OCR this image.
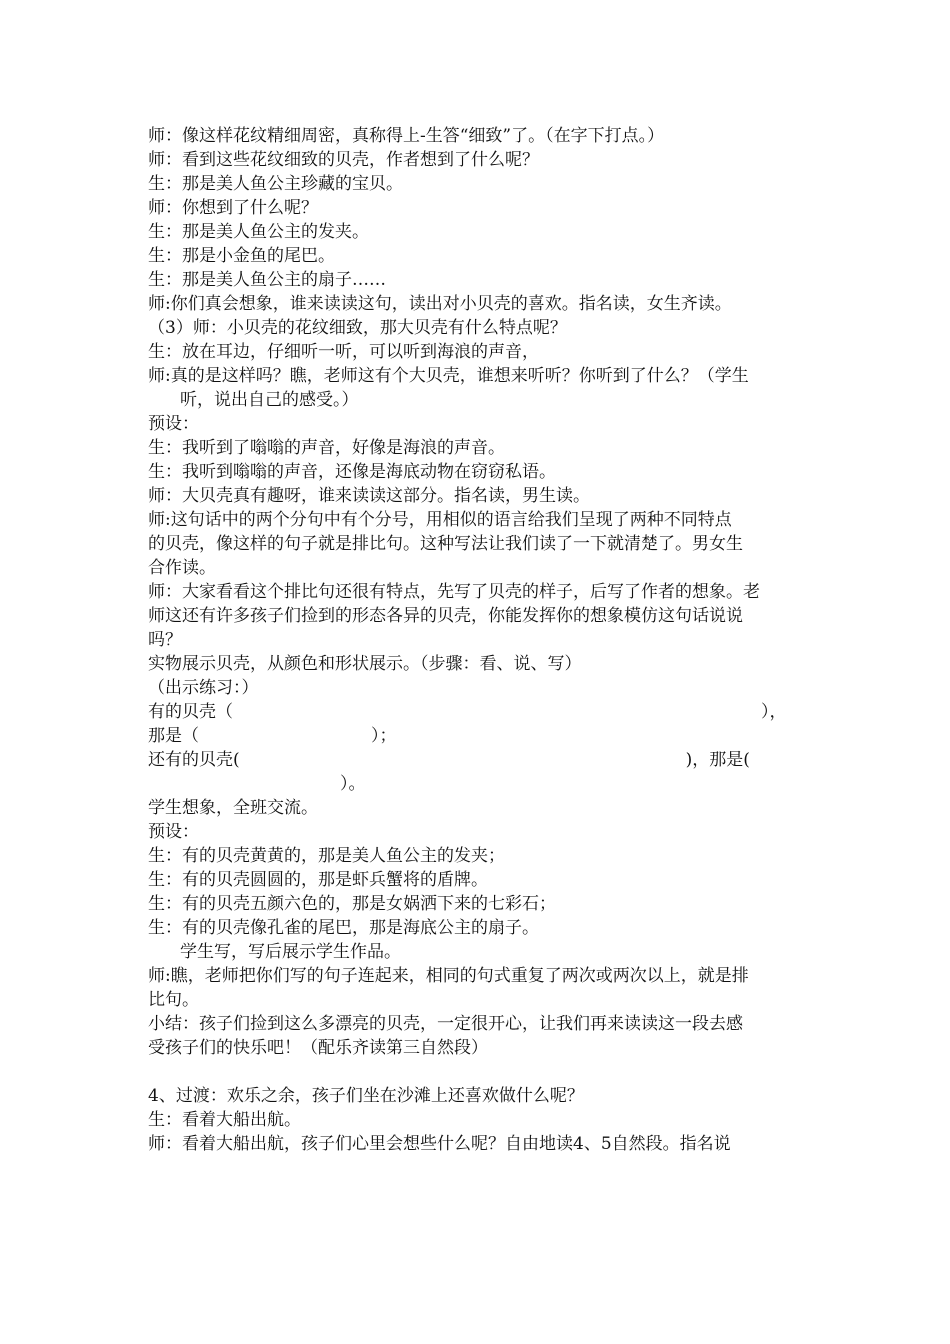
师：像这样花纹精细周密，真称得上-生答“细致”了。（在字下打点。）
师：看到这些花纹细致的贝壳，作者想到了什么呢？
生：那是美人鱼公主珍藏的宝贝。
师：你想到了什么呢？
生：那是美人鱼公主的发夹。
生：那是小金鱼的尾巴。
生：那是美人鱼公主的扇子……
师:你们真会想象，谁来读读这句，读出对小贝壳的喜欢。指名读，女生齐读。
（3）师：小贝壳的花纹细致，那大贝壳有什么特点呢？
生：放在耳边，仔细听一听，可以听到海浪的声音，
师:真的是这样吗？瞧，老师这有个大贝壳，谁想来听听？你听到了什么？（学生
听，说出自己的感受。）
预设：
生：我听到了嗡嗡的声音，好像是海浪的声音。
生：我听到嗡嗡的声音，还像是海底动物在窃窃私语。
师：大贝壳真有趣呀，谁来读读这部分。指名读，男生读。
师:这句话中的两个分句中有个分号，用相似的语言给我们呈现了两种不同特点
的贝壳，像这样的句子就是排比句。这种写法让我们读了一下就清楚了。男女生
合作读。
师：大家看看这个排比句还很有特点，先写了贝壳的样子，后写了作者的想象。老
师这还有许多孩子们捡到的形态各异的贝壳，你能发挥你的想象模仿这句话说说
吗？
实物展示贝壳，从颜色和形状展示。（步骤：看、说、写）
（出示练习：）
有的贝壳（	），
那是（	）；
还有的贝壳(	)，那是(
）。
学生想象，全班交流。
预设：
生：有的贝壳黄黄的，那是美人鱼公主的发夹；
生：有的贝壳圆圆的，那是虾兵蟹将的盾牌。
生：有的贝壳五颜六色的，那是女娲洒下来的七彩石；
生：有的贝壳像孔雀的尾巴，那是海底公主的扇子。
学生写，写后展示学生作品。
师:瞧，老师把你们写的句子连起来，相同的句式重复了两次或两次以上，就是排
比句。
小结：孩子们捡到这么多漂亮的贝壳，一定很开心，让我们再来读读这一段去感
受孩子们的快乐吧！（配乐齐读第三自然段）
4、过渡：欢乐之余，孩子们坐在沙滩上还喜欢做什么呢？
生：看着大船出航。
师：看着大船出航，孩子们心里会想些什么呢？自由地读4、5自然段。指名说
